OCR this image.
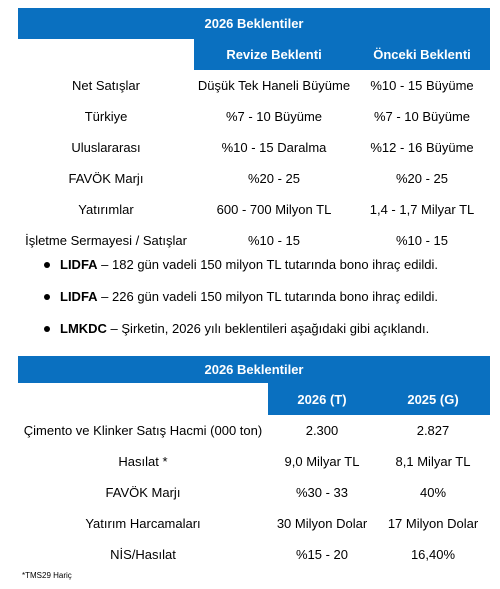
2026 Beklentiler		
	Revize Beklenti	Önceki Beklenti
Net Satışlar	Düşük Tek Haneli Büyüme	%10 - 15 Büyüme
Türkiye	%7 - 10 Büyüme	%7 - 10 Büyüme
Uluslararası	%10 - 15 Daralma	%12 - 16 Büyüme
FAVÖK Marjı	%20 - 25	%20 - 25
Yatırımlar	600 - 700 Milyon TL	1,4 - 1,7 Milyar TL
İşletme Sermayesi / Satışlar	%10 - 15	%10 - 15
LIDFA – 182 gün vadeli 150 milyon TL tutarında bono ihraç edildi.
LIDFA – 226 gün vadeli 150 milyon TL tutarında bono ihraç edildi.
LMKDC – Şirketin, 2026 yılı beklentileri aşağıdaki gibi açıklandı.
2026 Beklentiler		
	2026 (T)	2025 (G)
Çimento ve Klinker Satış Hacmi (000 ton)	2.300	2.827
Hasılat *	9,0 Milyar TL	8,1 Milyar TL
FAVÖK Marjı	%30 - 33	40%
Yatırım Harcamaları	30 Milyon Dolar	17 Milyon Dolar
NİS/Hasılat	%15 - 20	16,40%
*TMS29 Hariç
